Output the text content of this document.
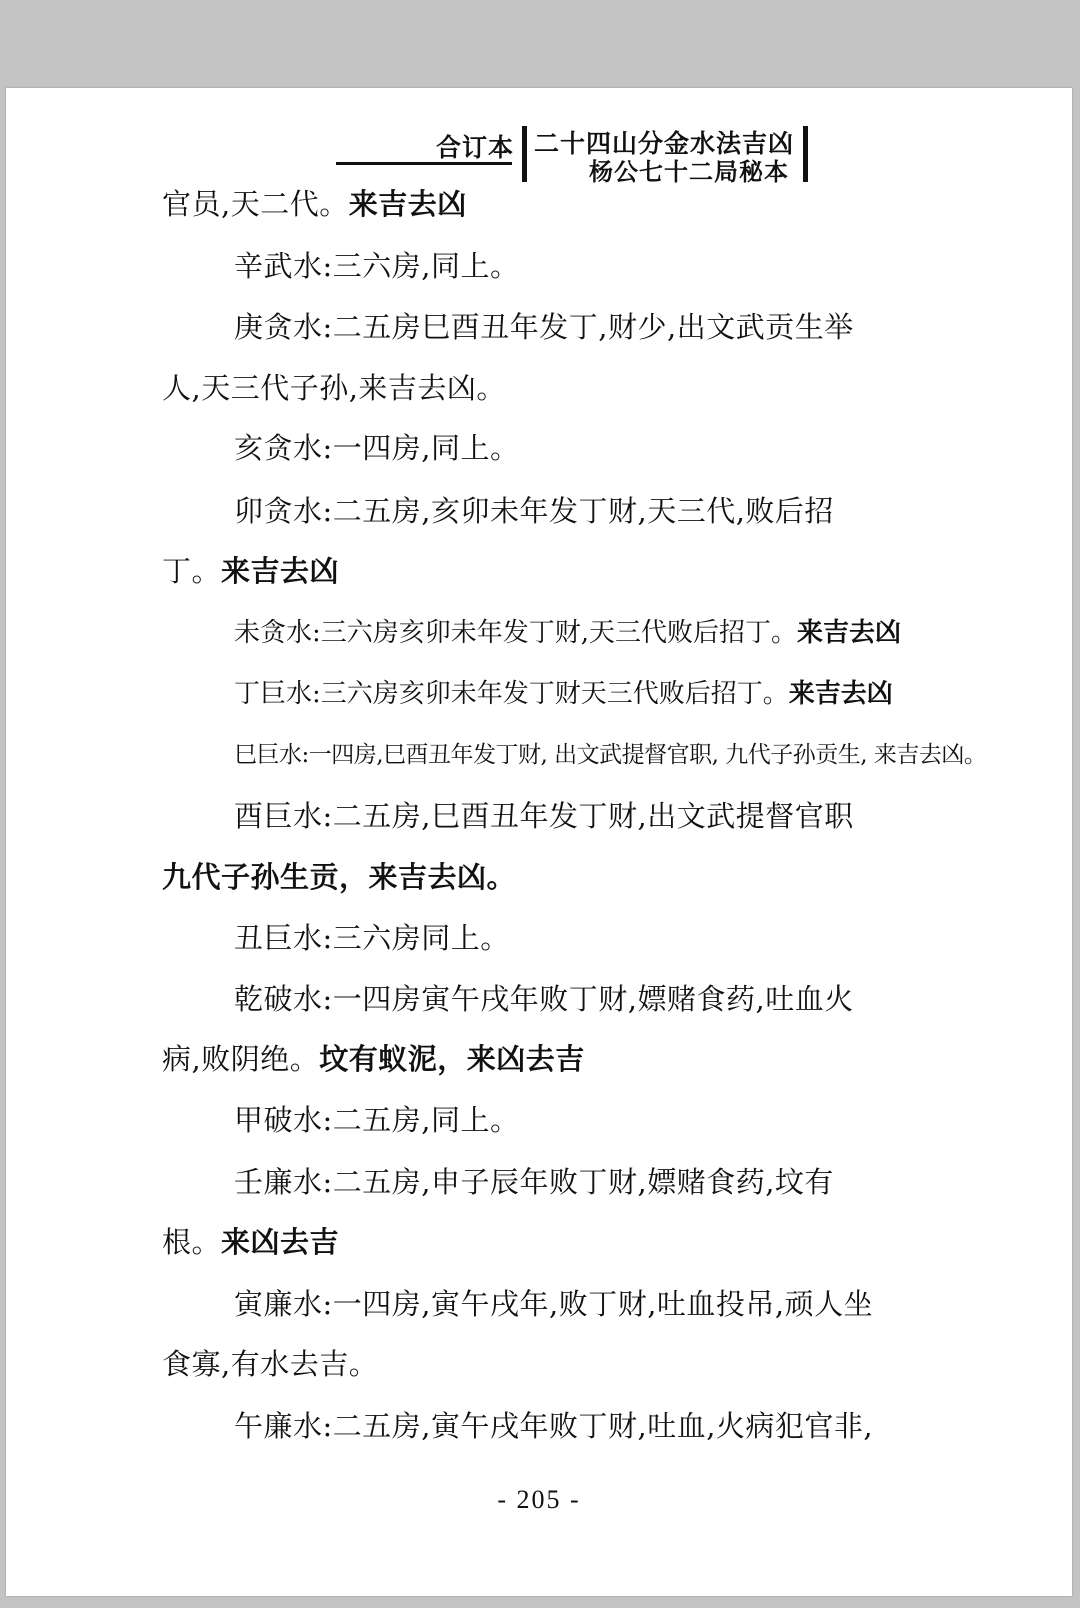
合订本 二十四山分金水法吉凶
杨公七十二局秘本
官员,天二代。来吉去凶
辛武水:三六房,同上。
庚贪水:二五房巳酉丑年发丁,财少,出文武贡生举
人,天三代子孙,来吉去凶。
亥贪水:一四房,同上。
卯贪水:二五房,亥卯未年发丁财,天三代,败后招
丁。来吉去凶
未贪水:三六房亥卯未年发丁财,天三代败后招丁。来吉去凶
丁巨水:三六房亥卯未年发丁财天三代败后招丁。来吉去凶
巳巨水:一四房,巳酉丑年发丁财, 出文武提督官职, 九代子孙贡生, 来吉去凶。
酉巨水:二五房,巳酉丑年发丁财,出文武提督官职
九代子孙生贡，来吉去凶。
丑巨水:三六房同上。
乾破水:一四房寅午戌年败丁财,嫖赌食药,吐血火
病,败阴绝。坟有蚁泥，来凶去吉
甲破水:二五房,同上。
壬廉水:二五房,申子辰年败丁财,嫖赌食药,坟有
根。来凶去吉
寅廉水:一四房,寅午戌年,败丁财,吐血投吊,顽人坐
食寡,有水去吉。
午廉水:二五房,寅午戌年败丁财,吐血,火病犯官非,
- 205 -
